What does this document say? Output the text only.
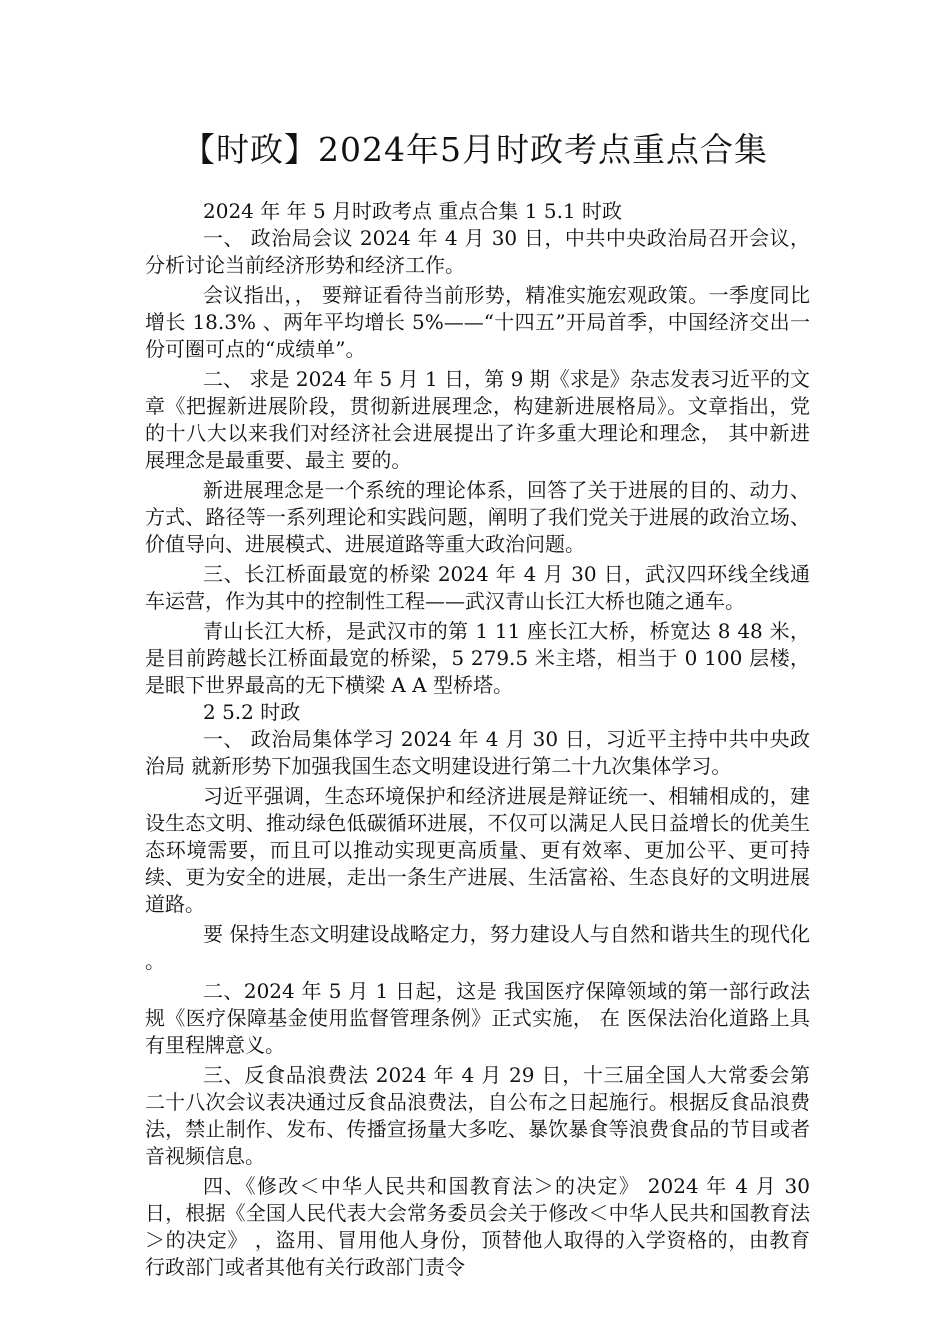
【时政】2024年5月时政考点重点合集

2024 年 年 5 月时政考点 重点合集 1 5.1 时政

一、 政治局会议 2024 年 4 月 30 日，中共中央政治局召开会议，分析讨论当前经济形势和经济工作。

会议指出，， 要辩证看待当前形势，精准实施宏观政策。一季度同比增长 18.3% 、两年平均增长 5%——“十四五”开局首季，中国经济交出一份可圈可点的“成绩单”。

二、 求是 2024 年 5 月 1 日，第 9 期《求是》杂志发表习近平的文章《把握新进展阶段，贯彻新进展理念，构建新进展格局》。文章指出，党的十八大以来我们对经济社会进展提出了许多重大理论和理念， 其中新进展理念是最重要、最主 要的。

新进展理念是一个系统的理论体系，回答了关于进展的目的、动力、方式、路径等一系列理论和实践问题，阐明了我们党关于进展的政治立场、价值导向、进展模式、进展道路等重大政治问题。

三、长江桥面最宽的桥梁 2024 年 4 月 30 日，武汉四环线全线通车运营，作为其中的控制性工程——武汉青山长江大桥也随之通车。

青山长江大桥，是武汉市的第 1 11 座长江大桥，桥宽达 8 48 米，是目前跨越长江桥面最宽的桥梁，5 279.5 米主塔，相当于 0 100 层楼，是眼下世界最高的无下横梁 A A 型桥塔。

2 5.2 时政

一、 政治局集体学习 2024 年 4 月 30 日，习近平主持中共中央政治局 就新形势下加强我国生态文明建设进行第二十九次集体学习。

习近平强调，生态环境保护和经济进展是辩证统一、相辅相成的，建设生态文明、推动绿色低碳循环进展，不仅可以满足人民日益增长的优美生态环境需要，而且可以推动实现更高质量、更有效率、更加公平、更可持续、更为安全的进展，走出一条生产进展、生活富裕、生态良好的文明进展道路。

要 保持生态文明建设战略定力，努力建设人与自然和谐共生的现代化 。

二、2024 年 5 月 1 日起，这是 我国医疗保障领域的第一部行政法规《医疗保障基金使用监督管理条例》正式实施， 在 医保法治化道路上具有里程牌意义。

三、反食品浪费法 2024 年 4 月 29 日，十三届全国人大常委会第二十八次会议表决通过反食品浪费法，自公布之日起施行。根据反食品浪费法，禁止制作、发布、传播宣扬量大多吃、暴饮暴食等浪费食品的节目或者音视频信息。

四、《修改＜中华人民共和国教育法＞的决定》 2024 年 4 月 30 日，根据《全国人民代表大会常务委员会关于修改＜中华人民共和国教育法＞的决定》 ，盗用、冒用他人身份，顶替他人取得的入学资格的，由教育行政部门或者其他有关行政部门责令
